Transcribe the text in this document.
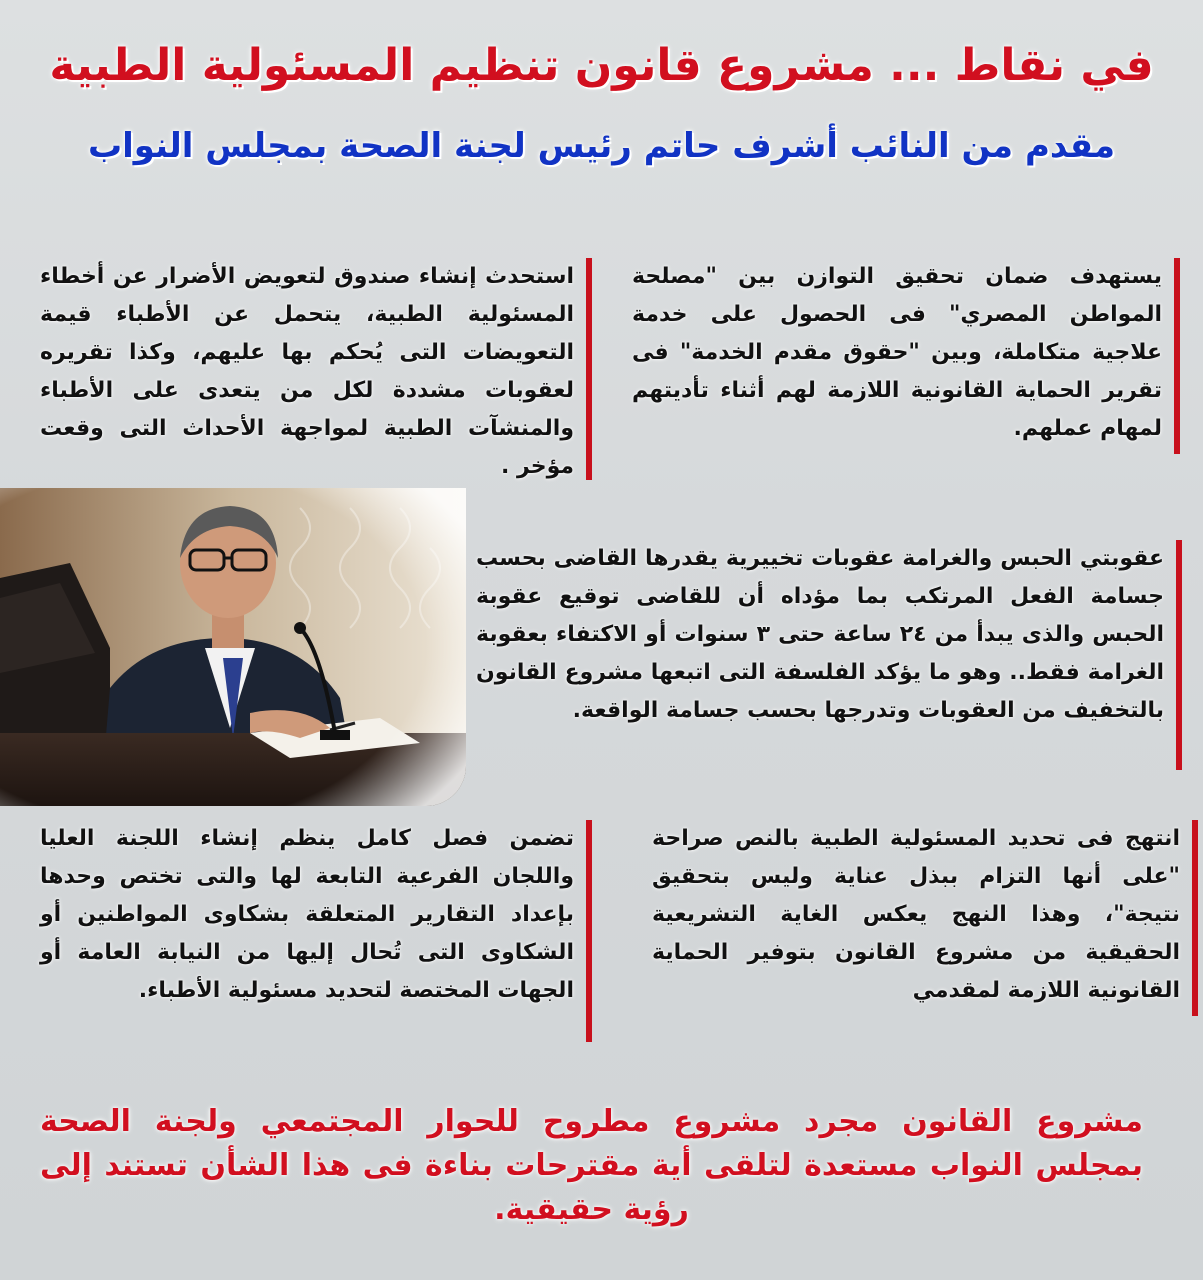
في نقاط ... مشروع قانون تنظيم المسئولية الطبية
مقدم من النائب أشرف حاتم رئيس لجنة الصحة بمجلس النواب
يستهدف ضمان تحقيق التوازن بين "مصلحة المواطن المصري" فى الحصول على خدمة علاجية متكاملة، وبين "حقوق مقدم الخدمة" فى تقرير الحماية القانونية اللازمة لهم أثناء تأديتهم لمهام عملهم.
استحدث إنشاء صندوق لتعويض الأضرار عن أخطاء المسئولية الطبية، يتحمل عن الأطباء قيمة التعويضات التى يُحكم بها عليهم، وكذا تقريره لعقوبات مشددة لكل من يتعدى على الأطباء والمنشآت الطبية لمواجهة الأحداث التى وقعت مؤخر .
عقوبتي الحبس والغرامة عقوبات تخييرية يقدرها القاضى بحسب جسامة الفعل المرتكب بما مؤداه أن للقاضى توقيع عقوبة الحبس والذى يبدأ من ٢٤ ساعة حتى ٣ سنوات أو الاكتفاء بعقوبة الغرامة فقط.. وهو ما يؤكد الفلسفة التى اتبعها مشروع القانون بالتخفيف من العقوبات وتدرجها بحسب جسامة الواقعة.
انتهج فى تحديد المسئولية الطبية بالنص صراحة "على أنها التزام ببذل عناية وليس بتحقيق نتيجة"، وهذا النهج يعكس الغاية التشريعية الحقيقية من مشروع القانون بتوفير الحماية القانونية اللازمة لمقدمي
تضمن فصل كامل ينظم إنشاء اللجنة العليا واللجان الفرعية التابعة لها والتى تختص وحدها بإعداد التقارير المتعلقة بشكاوى المواطنين أو الشكاوى التى تُحال إليها من النيابة العامة أو الجهات المختصة لتحديد مسئولية الأطباء.
مشروع القانون مجرد مشروع مطروح للحوار المجتمعي ولجنة الصحة بمجلس النواب مستعدة لتلقى أية مقترحات بناءة فى هذا الشأن تستند إلى رؤية حقيقية.
